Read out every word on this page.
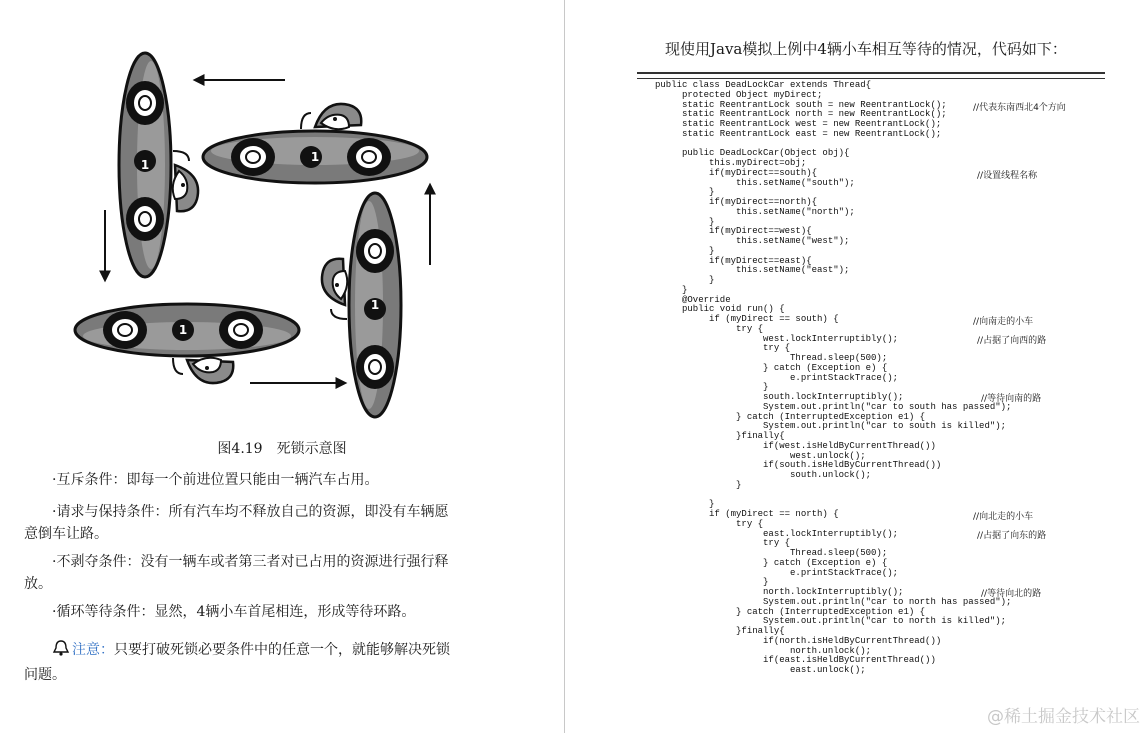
1
1
1
1
图4.19　死锁示意图
·互斥条件：即每一个前进位置只能由一辆汽车占用。
·请求与保持条件：所有汽车均不释放自己的资源，即没有车辆愿
意倒车让路。
·不剥夺条件：没有一辆车或者第三者对已占用的资源进行强行释
放。
·循环等待条件：显然，4辆小车首尾相连，形成等待环路。
注意：只要打破死锁必要条件中的任意一个，就能够解决死锁
问题。
现使用Java模拟上例中4辆小车相互等待的情况，代码如下：
public class DeadLockCar extends Thread{
protected Object myDirect;
static ReentrantLock south = new ReentrantLock();
static ReentrantLock north = new ReentrantLock();
static ReentrantLock west = new ReentrantLock();
static ReentrantLock east = new ReentrantLock();

public DeadLockCar(Object obj){
this.myDirect=obj;
if(myDirect==south){
this.setName("south");
}
if(myDirect==north){
this.setName("north");
}
if(myDirect==west){
this.setName("west");
}
if(myDirect==east){
this.setName("east");
}
}
@Override
public void run() {
if (myDirect == south) {
try {
west.lockInterruptibly();
try {
Thread.sleep(500);
} catch (Exception e) {
e.printStackTrace();
}
south.lockInterruptibly();
System.out.println("car to south has passed");
} catch (InterruptedException e1) {
System.out.println("car to south is killed");
}finally{
if(west.isHeldByCurrentThread())
west.unlock();
if(south.isHeldByCurrentThread())
south.unlock();
}

}
if (myDirect == north) {
try {
east.lockInterruptibly();
try {
Thread.sleep(500);
} catch (Exception e) {
e.printStackTrace();
}
north.lockInterruptibly();
System.out.println("car to north has passed");
} catch (InterruptedException e1) {
System.out.println("car to north is killed");
}finally{
if(north.isHeldByCurrentThread())
north.unlock();
if(east.isHeldByCurrentThread())
east.unlock();
//代表东南西北4个方向
//设置线程名称
//向南走的小车
//占据了向西的路
//等待向南的路
//向北走的小车
//占据了向东的路
//等待向北的路
@稀土掘金技术社区
